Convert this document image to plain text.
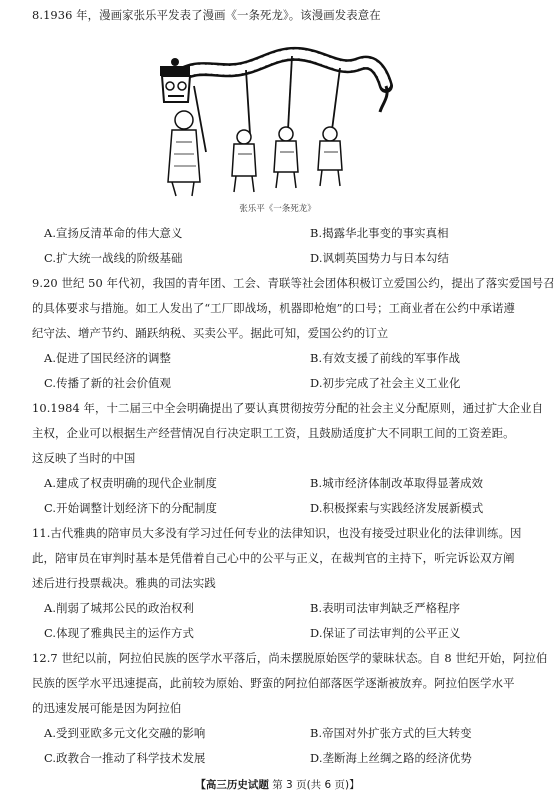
8.1936 年，漫画家张乐平发表了漫画《一条死龙》。该漫画发表意在
张乐平《一条死龙》
A.宣扬反清革命的伟大意义	B.揭露华北事变的事实真相
C.扩大统一战线的阶级基础	D.讽刺英国势力与日本勾结
9.20 世纪 50 年代初，我国的青年团、工会、青联等社会团体积极订立爱国公约，提出了落实爱国号召
的具体要求与措施。如工人发出了“工厂即战场，机器即枪炮”的口号；工商业者在公约中承诺遵
纪守法、增产节约、踊跃纳税、买卖公平。据此可知，爱国公约的订立
A.促进了国民经济的调整	B.有效支援了前线的军事作战
C.传播了新的社会价值观	D.初步完成了社会主义工业化
10.1984 年，十二届三中全会明确提出了要认真贯彻按劳分配的社会主义分配原则，通过扩大企业自
主权，企业可以根据生产经营情况自行决定职工工资，且鼓励适度扩大不同职工间的工资差距。
这反映了当时的中国
A.建成了权责明确的现代企业制度	B.城市经济体制改革取得显著成效
C.开始调整计划经济下的分配制度	D.积极探索与实践经济发展新模式
11.古代雅典的陪审员大多没有学习过任何专业的法律知识，也没有接受过职业化的法律训练。因
此，陪审员在审判时基本是凭借着自己心中的公平与正义，在裁判官的主持下，听完诉讼双方阐
述后进行投票裁决。雅典的司法实践
A.削弱了城邦公民的政治权利	B.表明司法审判缺乏严格程序
C.体现了雅典民主的运作方式	D.保证了司法审判的公平正义
12.7 世纪以前，阿拉伯民族的医学水平落后，尚未摆脱原始医学的蒙昧状态。自 8 世纪开始，阿拉伯
民族的医学水平迅速提高，此前较为原始、野蛮的阿拉伯部落医学逐渐被放弃。阿拉伯医学水平
的迅速发展可能是因为阿拉伯
A.受到亚欧多元文化交融的影响	B.帝国对外扩张方式的巨大转变
C.政教合一推动了科学技术发展	D.垄断海上丝绸之路的经济优势
【高三历史试题 第 3 页(共 6 页)】
